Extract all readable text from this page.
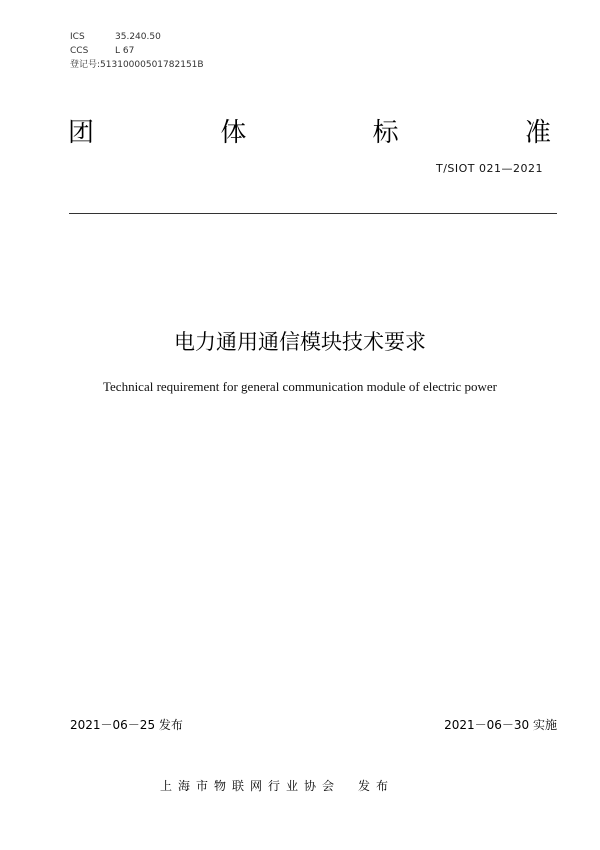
ICS	35.240.50
CCS	L 67
登记号: 51310000501782151B
团	体	标	准
T/SIOT 021—2021
电力通用通信模块技术要求
Technical requirement for general communication module of electric power
2021－06－25 发布	2021－06－30 实施
上海市物联网行业协会　发布
